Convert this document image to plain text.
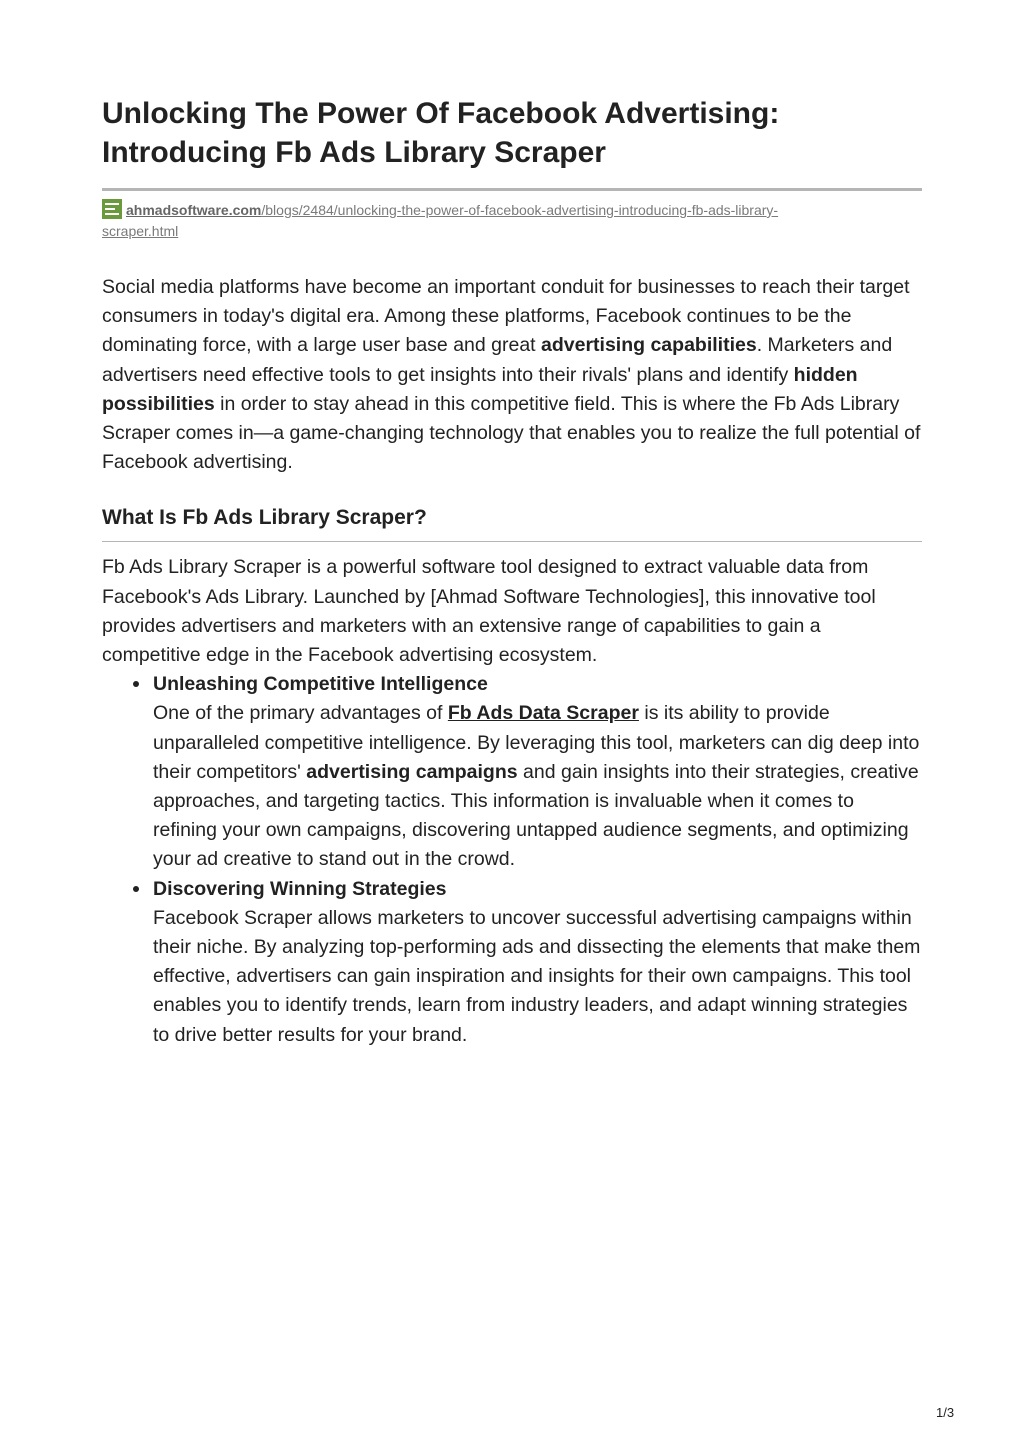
Unlocking The Power Of Facebook Advertising:
Introducing Fb Ads Library Scraper
ahmadsoftware.com/blogs/2484/unlocking-the-power-of-facebook-advertising-introducing-fb-ads-library-
scraper.html

Social media platforms have become an important conduit for businesses to reach their target consumers in today's digital era. Among these platforms, Facebook continues to be the dominating force, with a large user base and great advertising capabilities. Marketers and advertisers need effective tools to get insights into their rivals' plans and identify hidden possibilities in order to stay ahead in this competitive field. This is where the Fb Ads Library Scraper comes in—a game-changing technology that enables you to realize the full potential of Facebook advertising.

What Is Fb Ads Library Scraper?

Fb Ads Library Scraper is a powerful software tool designed to extract valuable data from Facebook's Ads Library. Launched by [Ahmad Software Technologies], this innovative tool provides advertisers and marketers with an extensive range of capabilities to gain a competitive edge in the Facebook advertising ecosystem.

Unleashing Competitive Intelligence

One of the primary advantages of Fb Ads Data Scraper is its ability to provide unparalleled competitive intelligence. By leveraging this tool, marketers can dig deep into their competitors' advertising campaigns and gain insights into their strategies, creative approaches, and targeting tactics. This information is invaluable when it comes to refining your own campaigns, discovering untapped audience segments, and optimizing your ad creative to stand out in the crowd.

Discovering Winning Strategies

Facebook Scraper allows marketers to uncover successful advertising campaigns within their niche. By analyzing top-performing ads and dissecting the elements that make them effective, advertisers can gain inspiration and insights for their own campaigns. This tool enables you to identify trends, learn from industry leaders, and adapt winning strategies to drive better results for your brand.

1/3
